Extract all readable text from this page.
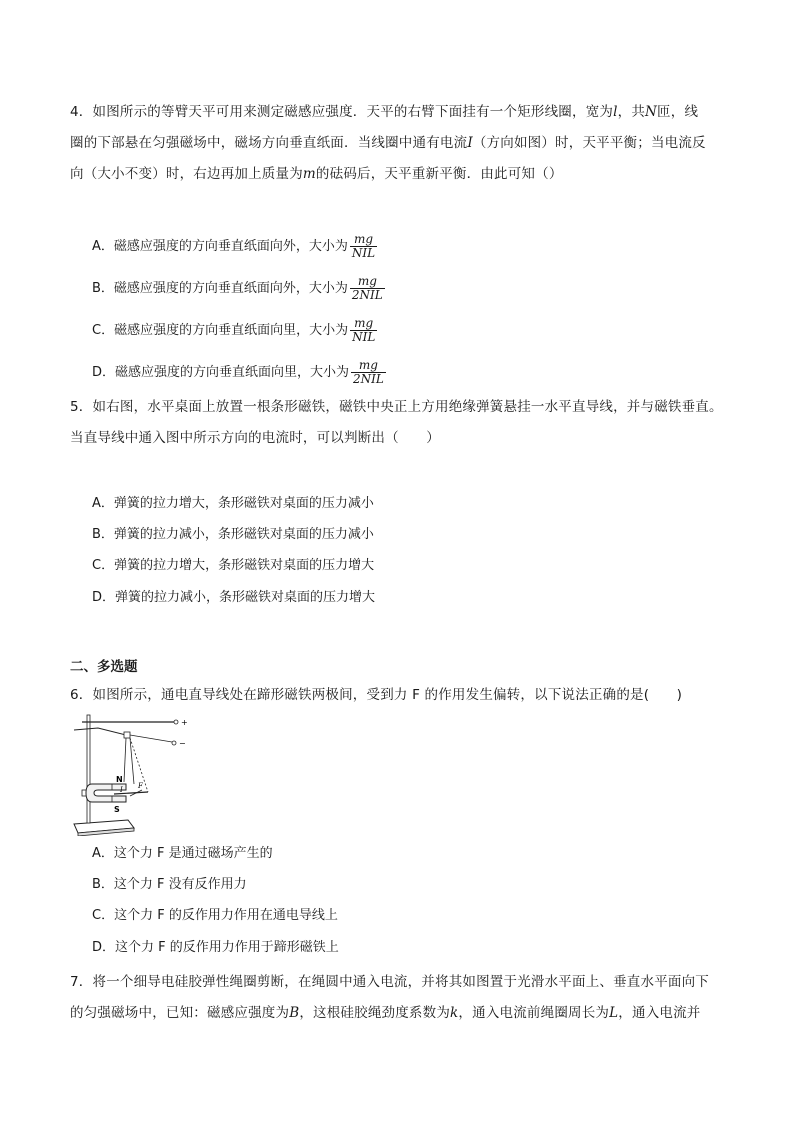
4．如图所示的等臂天平可用来测定磁感应强度．天平的右臂下面挂有一个矩形线圈，宽为l，共N匝，线
圈的下部悬在匀强磁场中，磁场方向垂直纸面．当线圈中通有电流I（方向如图）时，天平平衡；当电流反
向（大小不变）时，右边再加上质量为m的砝码后，天平重新平衡．由此可知（）
A．磁感应强度的方向垂直纸面向外，大小为 $\frac{mg}{\text{NIL}}$
B．磁感应强度的方向垂直纸面向外，大小为 $\frac{mg}{\text{2NIL}}$
C．磁感应强度的方向垂直纸面向里，大小为 $\frac{mg}{\text{NIL}}$
D．磁感应强度的方向垂直纸面向里，大小为 $\frac{mg}{\text{2NIL}}$
5．如右图，水平桌面上放置一根条形磁铁，磁铁中央正上方用绝缘弹簧悬挂一水平直导线，并与磁铁垂直。
当直导线中通入图中所示方向的电流时，可以判断出（　　）
A．弹簧的拉力增大，条形磁铁对桌面的压力减小
B．弹簧的拉力减小，条形磁铁对桌面的压力减小
C．弹簧的拉力增大，条形磁铁对桌面的压力增大
D．弹簧的拉力减小，条形磁铁对桌面的压力增大
二、多选题
6．如图所示，通电直导线处在蹄形磁铁两极间，受到力 F 的作用发生偏转，以下说法正确的是(　　)
+
−
N
S
I F
A．这个力 F 是通过磁场产生的
B．这个力 F 没有反作用力
C．这个力 F 的反作用力作用在通电导线上
D．这个力 F 的反作用力作用于蹄形磁铁上
7．将一个细导电硅胶弹性绳圈剪断，在绳圆中通入电流，并将其如图置于光滑水平面上、垂直水平面向下
的匀强磁场中，已知：磁感应强度为B，这根硅胶绳劲度系数为k，通入电流前绳圈周长为L，通入电流并
